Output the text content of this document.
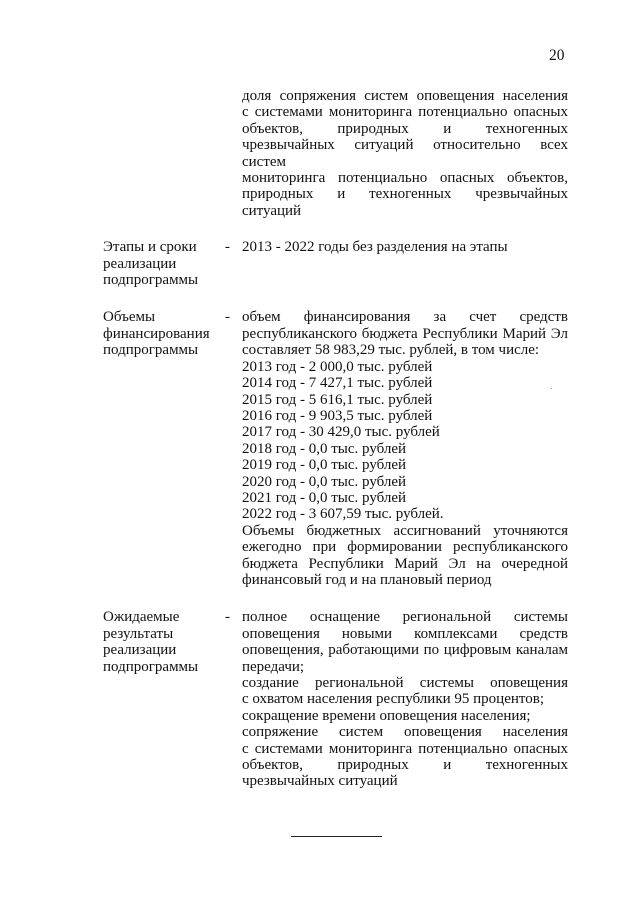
20
доля сопряжения систем оповещения населения
с системами мониторинга потенциально опасных
объектов, природных и техногенных
чрезвычайных ситуаций относительно всех систем
мониторинга потенциально опасных объектов,
природных и техногенных чрезвычайных
ситуаций
Этапы и сроки
реализации
подпрограммы
- 2013 - 2022 годы без разделения на этапы
Объемы
финансирования
подпрограммы
- объем финансирования за счет средств
республиканского бюджета Республики Марий Эл
составляет 58 983,29 тыс. рублей, в том числе:
2013 год - 2 000,0 тыс. рублей
2014 год - 7 427,1 тыс. рублей
2015 год - 5 616,1 тыс. рублей
2016 год - 9 903,5 тыс. рублей
2017 год - 30 429,0 тыс. рублей
2018 год - 0,0 тыс. рублей
2019 год - 0,0 тыс. рублей
2020 год - 0,0 тыс. рублей
2021 год - 0,0 тыс. рублей
2022 год - 3 607,59 тыс. рублей.
Объемы бюджетных ассигнований уточняются
ежегодно при формировании республиканского
бюджета Республики Марий Эл на очередной
финансовый год и на плановый период
Ожидаемые
результаты
реализации
подпрограммы
- полное оснащение региональной системы
оповещения новыми комплексами средств
оповещения, работающими по цифровым каналам
передачи;
создание региональной системы оповещения
с охватом населения республики 95 процентов;
сокращение времени оповещения населения;
сопряжение систем оповещения населения
с системами мониторинга потенциально опасных
объектов, природных и техногенных
чрезвычайных ситуаций
